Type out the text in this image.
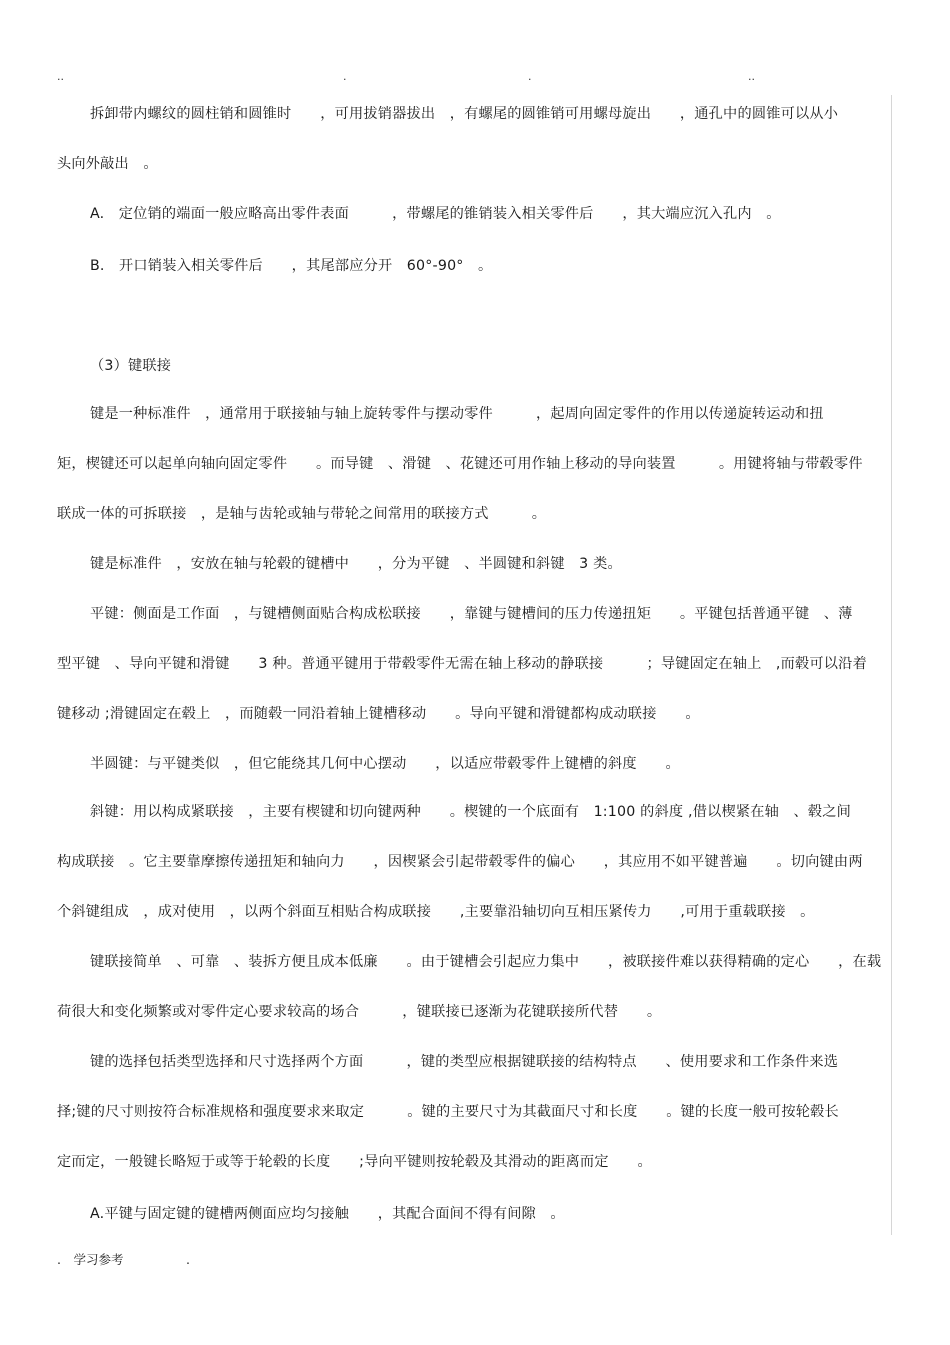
..	.	.	..
拆卸带内螺纹的圆柱销和圆锥时　　，可用拔销器拔出　，有螺尾的圆锥销可用螺母旋出　　，通孔中的圆锥可以从小
头向外敲出　。
A.　定位销的端面一般应略高出零件表面　　　，带螺尾的锥销装入相关零件后　　，其大端应沉入孔内　。
B.　开口销装入相关零件后　　，其尾部应分开　60°-90°　。
（3）键联接
键是一种标准件　，通常用于联接轴与轴上旋转零件与摆动零件　　　，起周向固定零件的作用以传递旋转运动和扭
矩，楔键还可以起单向轴向固定零件　　。而导键　、滑键　、花键还可用作轴上移动的导向装置　　　。用键将轴与带毂零件
联成一体的可拆联接　，是轴与齿轮或轴与带轮之间常用的联接方式　　　。
键是标准件　，安放在轴与轮毂的键槽中　　，分为平键　、半圆键和斜键　3 类。
平键：侧面是工作面　，与键槽侧面贴合构成松联接　　，靠键与键槽间的压力传递扭矩　　。平键包括普通平键　、薄
型平键　、导向平键和滑键　　3 种。普通平键用于带毂零件无需在轴上移动的静联接　　　；导键固定在轴上　,而毂可以沿着
键移动 ;滑键固定在毂上　，而随毂一同沿着轴上键槽移动　　。导向平键和滑键都构成动联接　　。
半圆键：与平键类似　，但它能绕其几何中心摆动　　，以适应带毂零件上键槽的斜度　　。
斜键：用以构成紧联接　，主要有楔键和切向键两种　　。楔键的一个底面有　1:100 的斜度 ,借以楔紧在轴　、毂之间
构成联接　。它主要靠摩擦传递扭矩和轴向力　　，因楔紧会引起带毂零件的偏心　　，其应用不如平键普遍　　。切向键由两
个斜键组成　，成对使用　，以两个斜面互相贴合构成联接　　,主要靠沿轴切向互相压紧传力　　,可用于重载联接　。
键联接简单　、可靠　、装拆方便且成本低廉　　。由于键槽会引起应力集中　　，被联接件难以获得精确的定心　　，在载
荷很大和变化频繁或对零件定心要求较高的场合　　　，键联接已逐渐为花键联接所代替　　。
键的选择包括类型选择和尺寸选择两个方面　　　，键的类型应根据键联接的结构特点　　、使用要求和工作条件来选
择;键的尺寸则按符合标准规格和强度要求来取定　　　。键的主要尺寸为其截面尺寸和长度　　。键的长度一般可按轮毂长
定而定，一般键长略短于或等于轮毂的长度　　;导向平键则按轮毂及其滑动的距离而定　　。
A.平键与固定键的键槽两侧面应均匀接触　　，其配合面间不得有间隙　。
.　学习参考　　　　　.
